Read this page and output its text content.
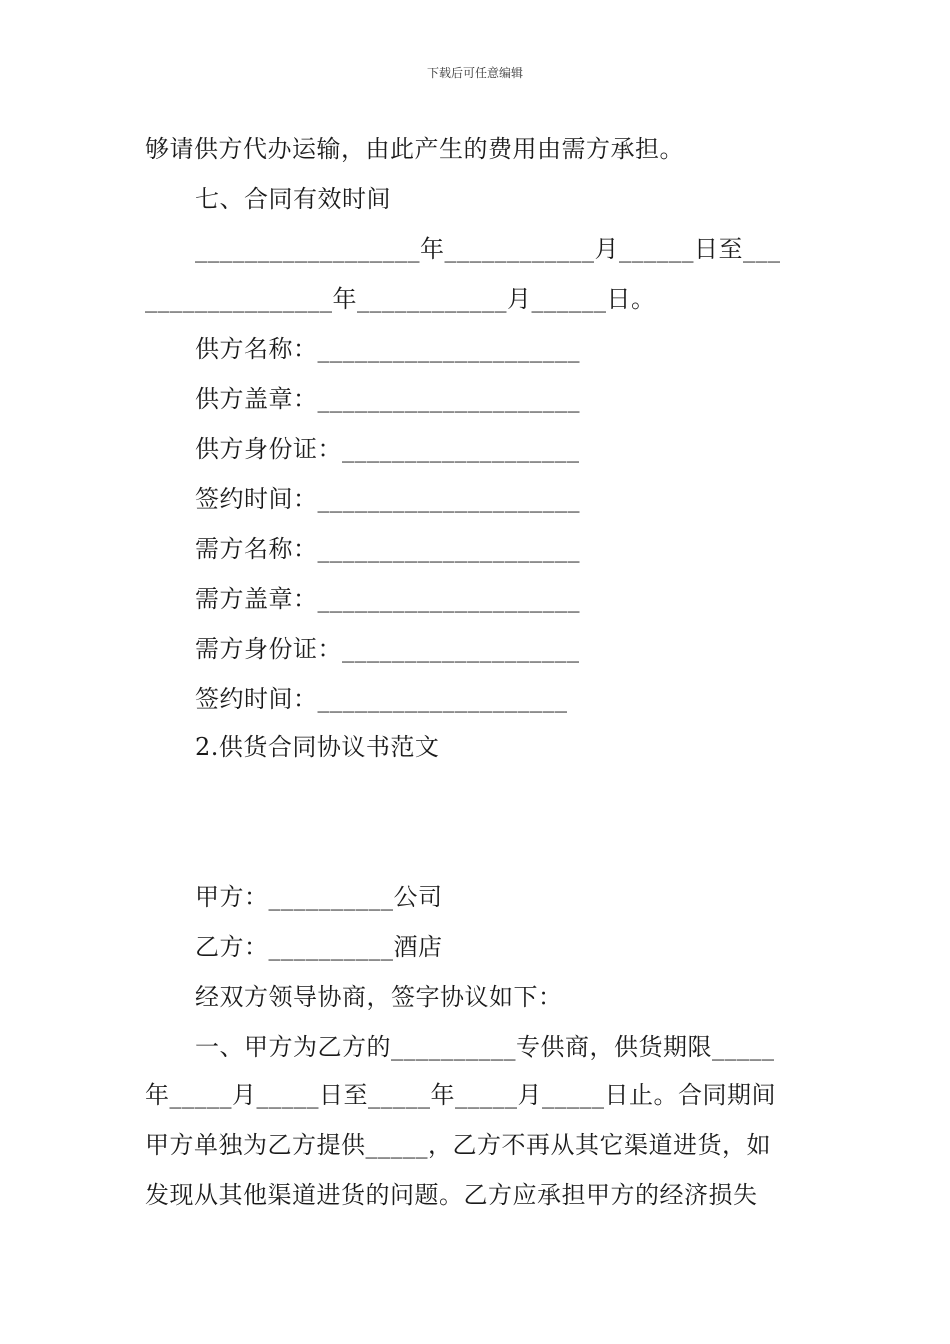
下载后可任意编辑
够请供方代办运输，由此产生的费用由需方承担。
七、合同有效时间
__________________年____________月______日至___
_______________年____________月______日。
供方名称：_____________________
供方盖章：_____________________
供方身份证：___________________
签约时间：_____________________
需方名称：_____________________
需方盖章：_____________________
需方身份证：___________________
签约时间：____________________
2.供货合同协议书范文
甲方：__________公司
乙方：__________酒店
经双方领导协商，签字协议如下：
一、甲方为乙方的__________专供商，供货期限_____
年_____月_____日至_____年_____月_____日止。合同期间
甲方单独为乙方提供_____，乙方不再从其它渠道进货，如
发现从其他渠道进货的问题。乙方应承担甲方的经济损失
